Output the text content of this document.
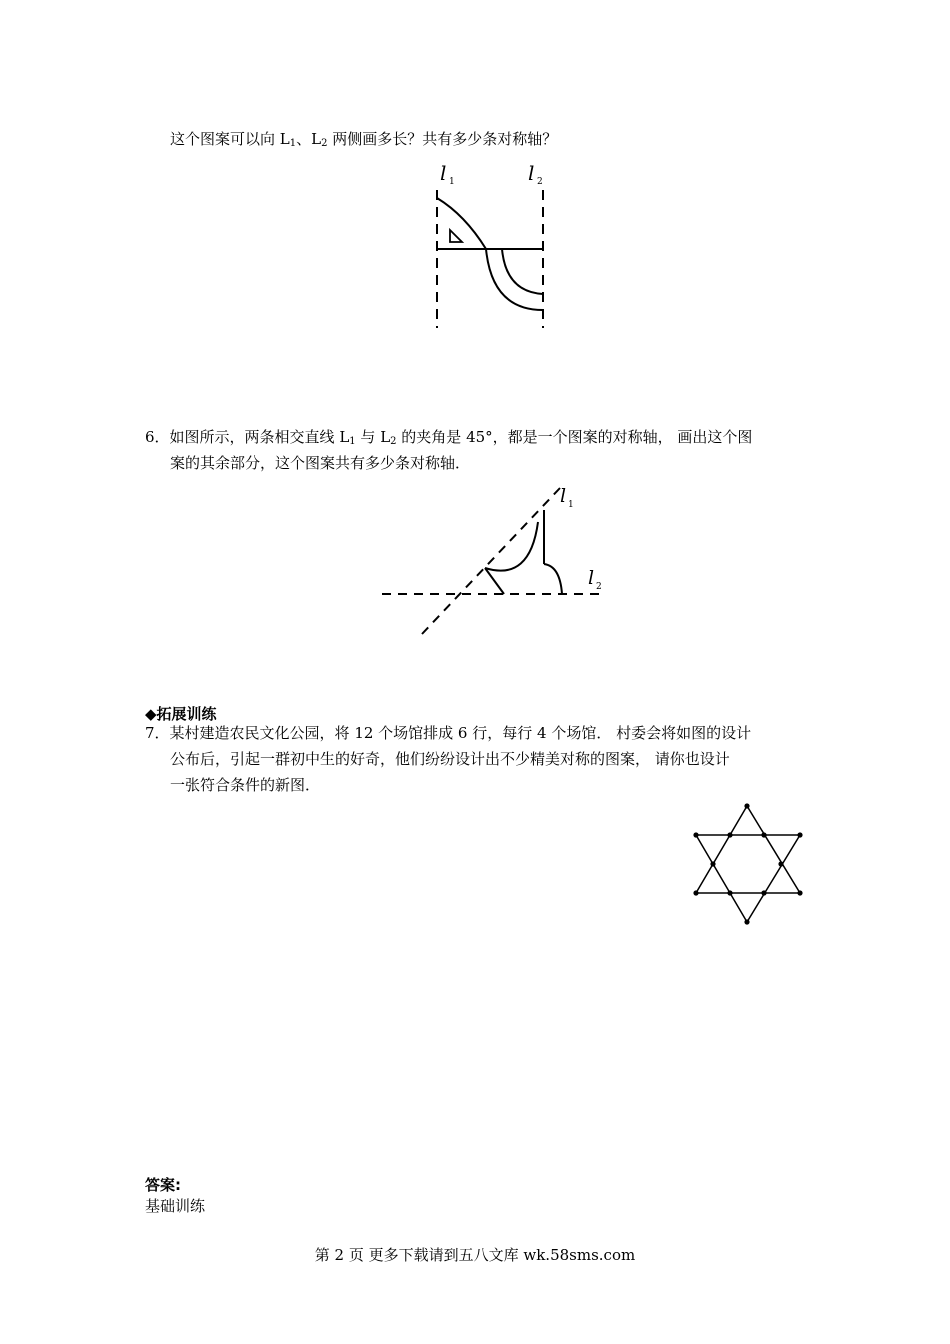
这个图案可以向 $L_1$、$L_2$ 两侧画多长？共有多少条对称轴？
l 1	l 2
6．如图所示，两条相交直线 $L_1$ 与 $L_2$ 的夹角是 45°，都是一个图案的对称轴， 画出这个图
案的其余部分，这个图案共有多少条对称轴．
l 1
l 2
◆拓展训练
7．某村建造农民文化公园，将 12 个场馆排成 6 行，每行 4 个场馆． 村委会将如图的设计
公布后，引起一群初中生的好奇，他们纷纷设计出不少精美对称的图案， 请你也设计
一张符合条件的新图．
答案:
基础训练
第 2 页 更多下载请到五八文库 wk.58sms.com
